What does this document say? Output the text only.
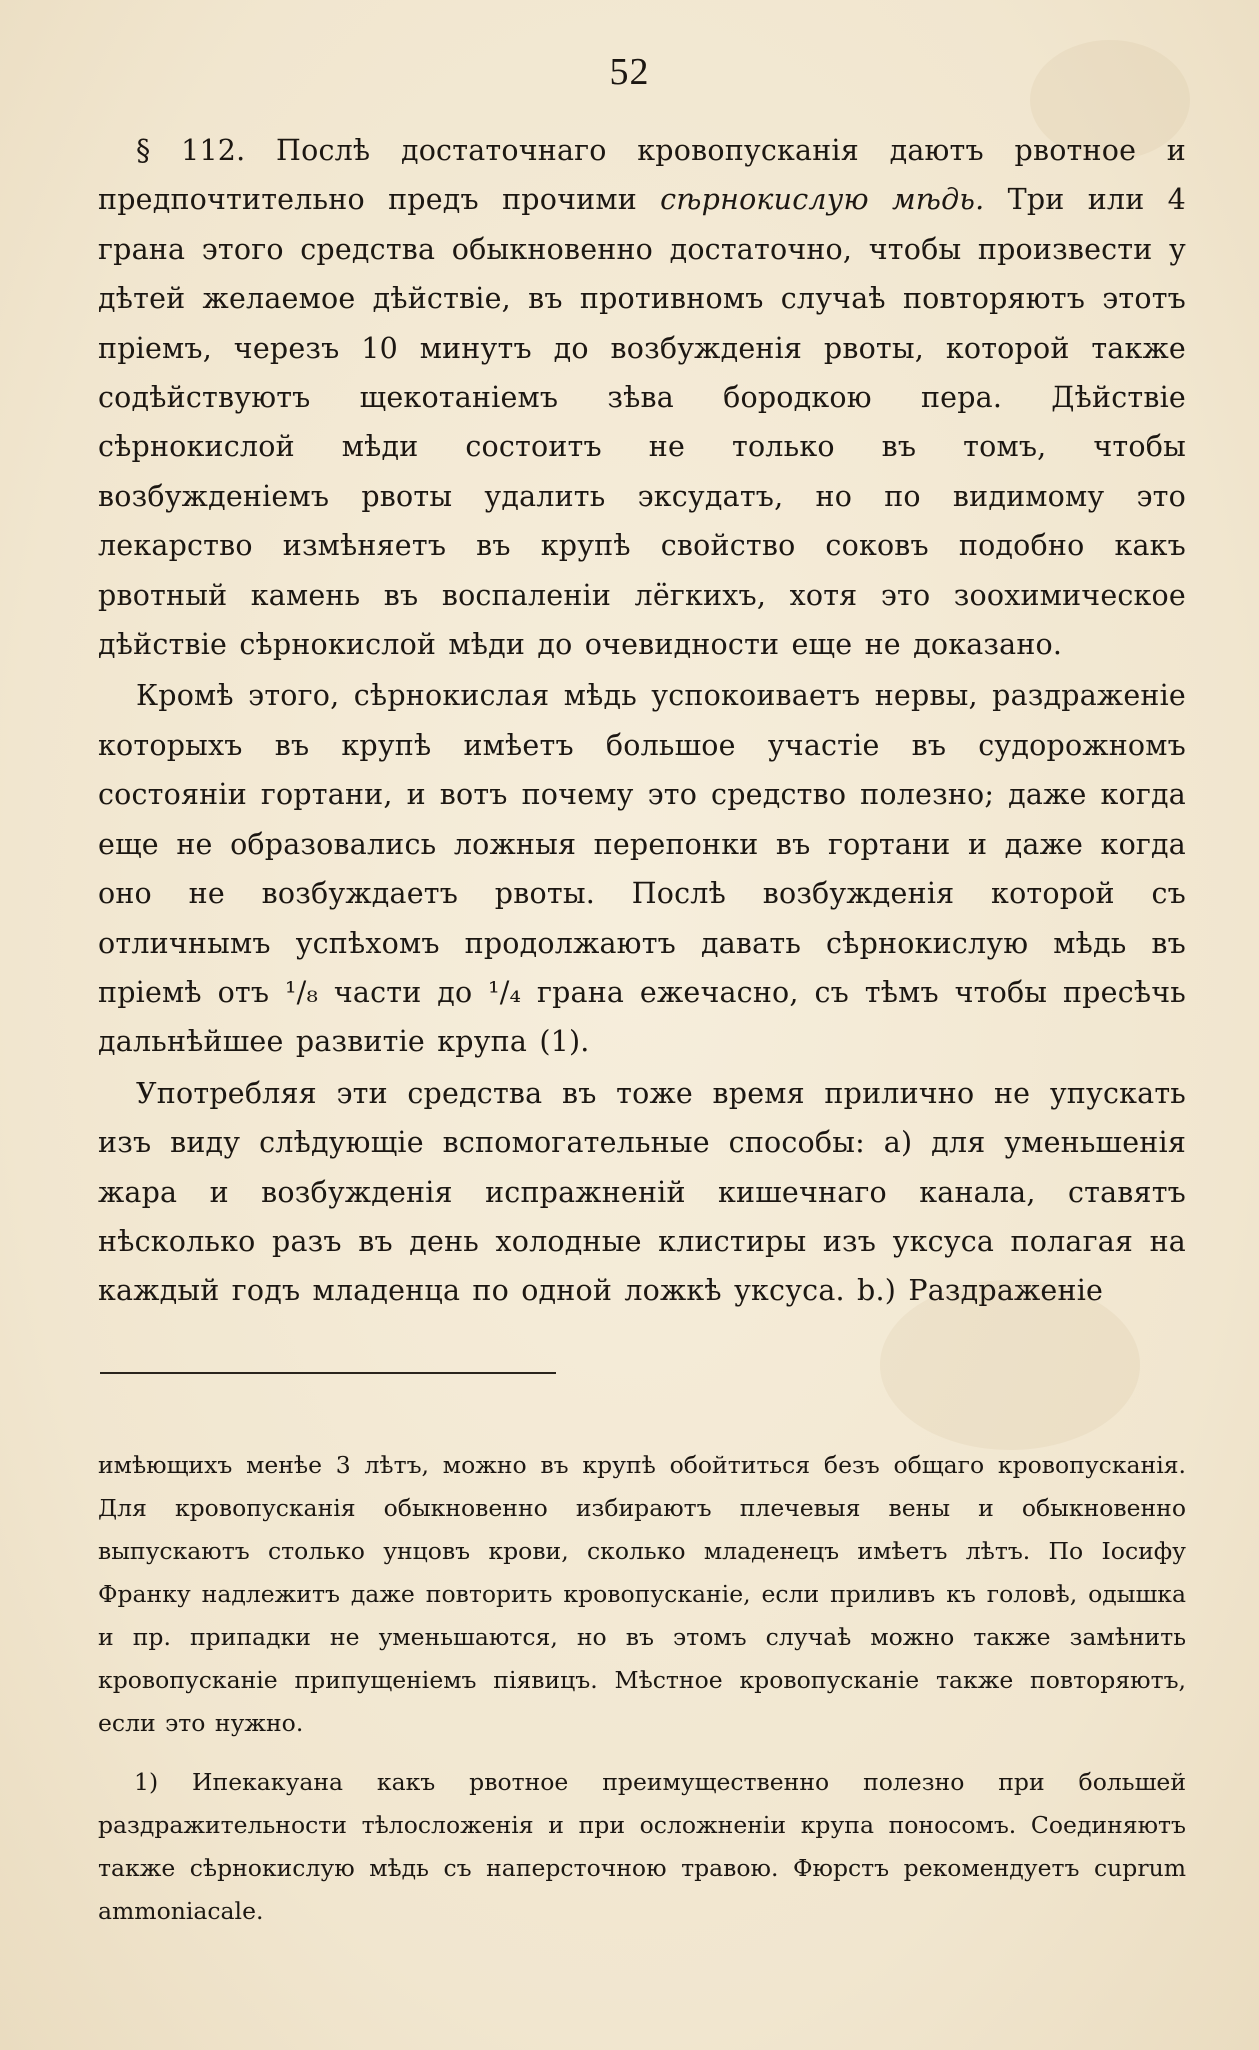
52

§ 112. Послѣ достаточнаго кровопусканія даютъ рвотное и предпочтительно предъ прочими сѣрнокислую мѣдь. Три или 4 грана этого средства обыкновенно достаточно, чтобы произвести у дѣтей желаемое дѣйствіе, въ противномъ случаѣ повторяютъ этотъ пріемъ, черезъ 10 минутъ до возбужденія рвоты, которой также содѣйствуютъ щекотаніемъ зѣва бородкою пера. Дѣйствіе сѣрнокислой мѣди состоитъ не только въ томъ, чтобы возбужденіемъ рвоты удалить эксудатъ, но по видимому это лекарство измѣняетъ въ крупѣ свойство соковъ подобно какъ рвотный камень въ воспаленіи лёгкихъ, хотя это зоохимическое дѣйствіе сѣрнокислой мѣди до очевидности еще не доказано.

Кромѣ этого, сѣрнокислая мѣдь успокоиваетъ нервы, раздраженіе которыхъ въ крупѣ имѣетъ большое участіе въ судорожномъ состояніи гортани, и вотъ почему это средство полезно; даже когда еще не образовались ложныя перепонки въ гортани и даже когда оно не возбуждаетъ рвоты. Послѣ возбужденія которой съ отличнымъ успѣхомъ продолжаютъ давать сѣрнокислую мѣдь въ пріемѣ отъ ¹/₈ части до ¹/₄ грана ежечасно, съ тѣмъ чтобы пресѣчь дальнѣйшее развитіе крупа (1).

Употребляя эти средства въ тоже время прилично не упускать изъ виду слѣдующіе вспомогательные способы: а) для уменьшенія жара и возбужденія испражненій кишечнаго канала, ставятъ нѣсколько разъ въ день холодные клистиры изъ уксуса полагая на каждый годъ младенца по одной ложкѣ уксуса. b.) Раздраженіе

имѣющихъ менѣе 3 лѣтъ, можно въ крупѣ обойтиться безъ общаго кровопусканія. Для кровопусканія обыкновенно избираютъ плечевыя вены и обыкновенно выпускаютъ столько унцовъ крови, сколько младенецъ имѣетъ лѣтъ. По Іосифу Франку надлежитъ даже повторить кровопусканіе, если приливъ къ головѣ, одышка и пр. припадки не уменьшаются, но въ этомъ случаѣ можно также замѣнить кровопусканіе припущеніемъ піявицъ. Мѣстное кровопусканіе также повторяютъ, если это нужно.

1) Ипекакуана какъ рвотное преимущественно полезно при большей раздражительности тѣлосложенія и при осложненіи крупа поносомъ. Соединяютъ также сѣрнокислую мѣдь съ наперсточною травою. Фюрстъ рекомендуетъ cuprum ammoniacale.
